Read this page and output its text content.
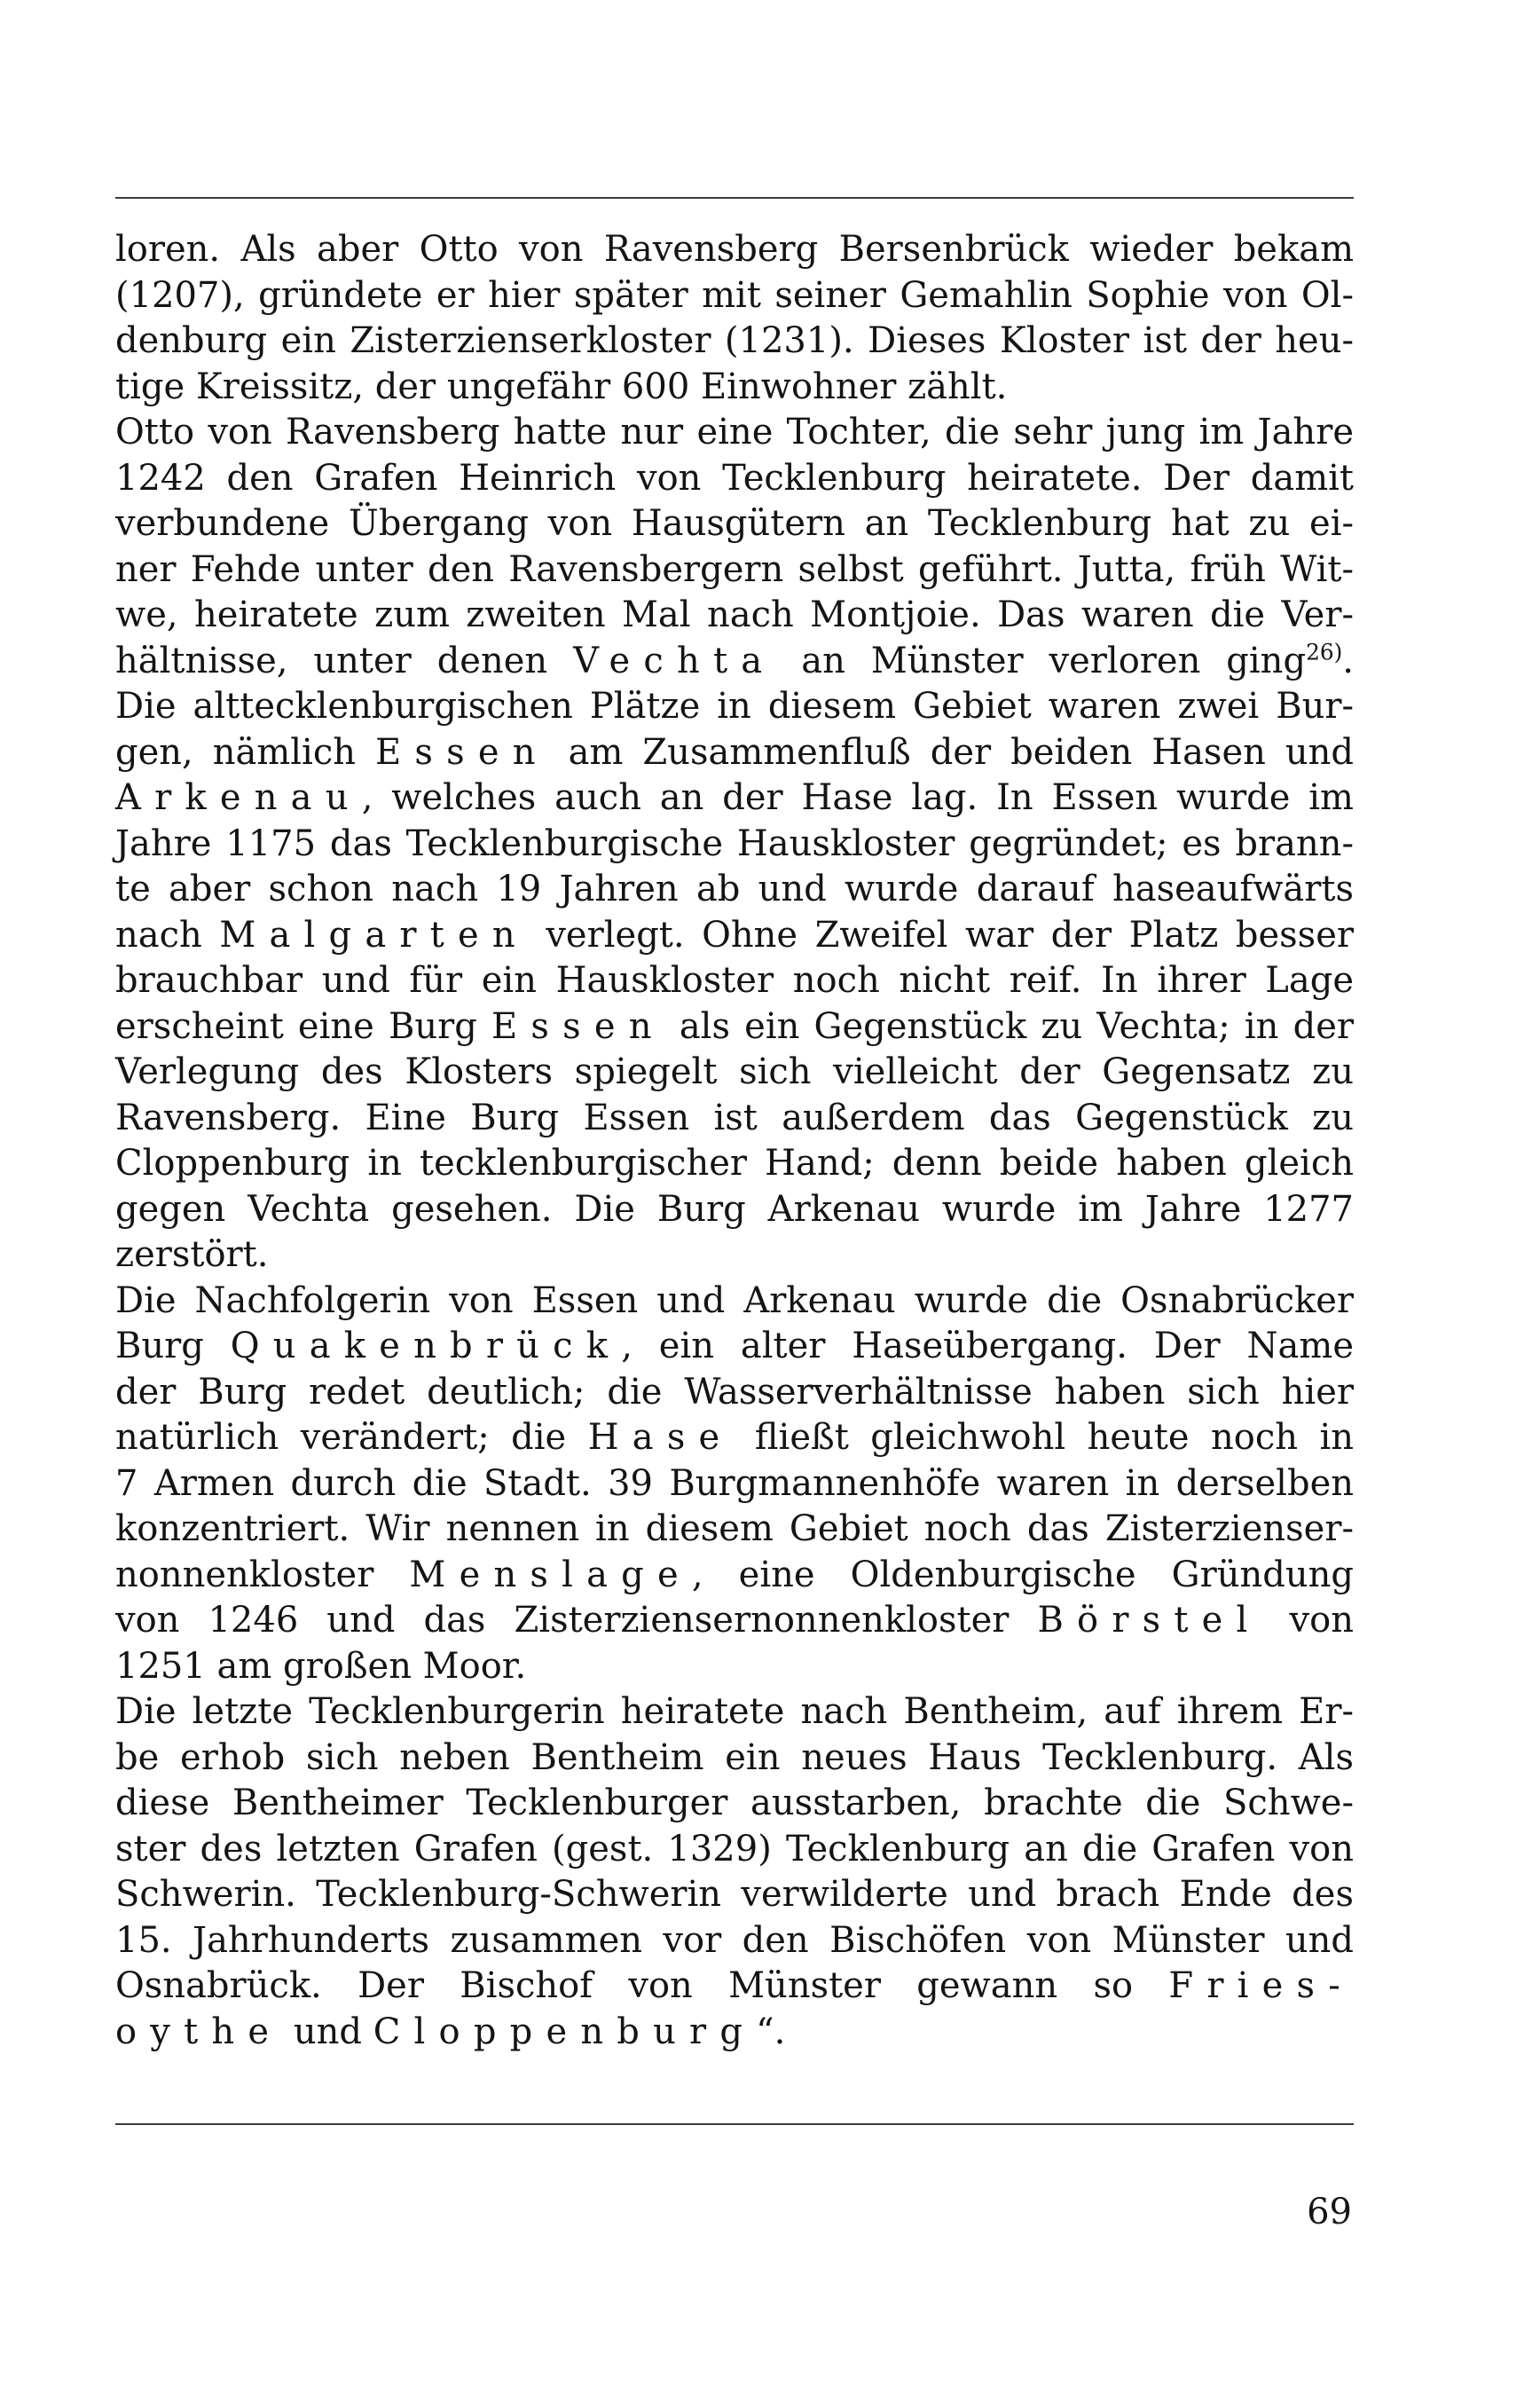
loren. Als aber Otto von Ravensberg Bersenbrück wieder bekam
(1207), gründete er hier später mit seiner Gemahlin Sophie von Ol-
denburg ein Zisterzienserkloster (1231). Dieses Kloster ist der heu-
tige Kreissitz, der ungefähr 600 Einwohner zählt.
Otto von Ravensberg hatte nur eine Tochter, die sehr jung im Jahre
1242 den Grafen Heinrich von Tecklenburg heiratete. Der damit
verbundene Übergang von Hausgütern an Tecklenburg hat zu ei-
ner Fehde unter den Ravensbergern selbst geführt. Jutta, früh Wit-
we, heiratete zum zweiten Mal nach Montjoie. Das waren die Ver-
hältnisse, unter denen Vechta an Münster verloren ging$^{26)}$.
Die alttecklenburgischen Plätze in diesem Gebiet waren zwei Bur-
gen, nämlich Essen am Zusammenfluß der beiden Hasen und
Arkenau, welches auch an der Hase lag. In Essen wurde im
Jahre 1175 das Tecklenburgische Hauskloster gegründet; es brann-
te aber schon nach 19 Jahren ab und wurde darauf haseaufwärts
nach Malgarten verlegt. Ohne Zweifel war der Platz besser
brauchbar und für ein Hauskloster noch nicht reif. In ihrer Lage
erscheint eine Burg Essen als ein Gegenstück zu Vechta; in der
Verlegung des Klosters spiegelt sich vielleicht der Gegensatz zu
Ravensberg. Eine Burg Essen ist außerdem das Gegenstück zu
Cloppenburg in tecklenburgischer Hand; denn beide haben gleich
gegen Vechta gesehen. Die Burg Arkenau wurde im Jahre 1277
zerstört.
Die Nachfolgerin von Essen und Arkenau wurde die Osnabrücker
Burg Quakenbrück, ein alter Haseübergang. Der Name
der Burg redet deutlich; die Wasserverhältnisse haben sich hier
natürlich verändert; die Hase fließt gleichwohl heute noch in
7 Armen durch die Stadt. 39 Burgmannenhöfe waren in derselben
konzentriert. Wir nennen in diesem Gebiet noch das Zisterzienser-
nonnenkloster Menslage, eine Oldenburgische Gründung
von 1246 und das Zisterziensernonnenkloster Börstel von
1251 am großen Moor.
Die letzte Tecklenburgerin heiratete nach Bentheim, auf ihrem Er-
be erhob sich neben Bentheim ein neues Haus Tecklenburg. Als
diese Bentheimer Tecklenburger ausstarben, brachte die Schwe-
ster des letzten Grafen (gest. 1329) Tecklenburg an die Grafen von
Schwerin. Tecklenburg-Schwerin verwilderte und brach Ende des
15. Jahrhunderts zusammen vor den Bischöfen von Münster und
Osnabrück. Der Bischof von Münster gewann so Fries-
oythe und Cloppenburg“.
69
